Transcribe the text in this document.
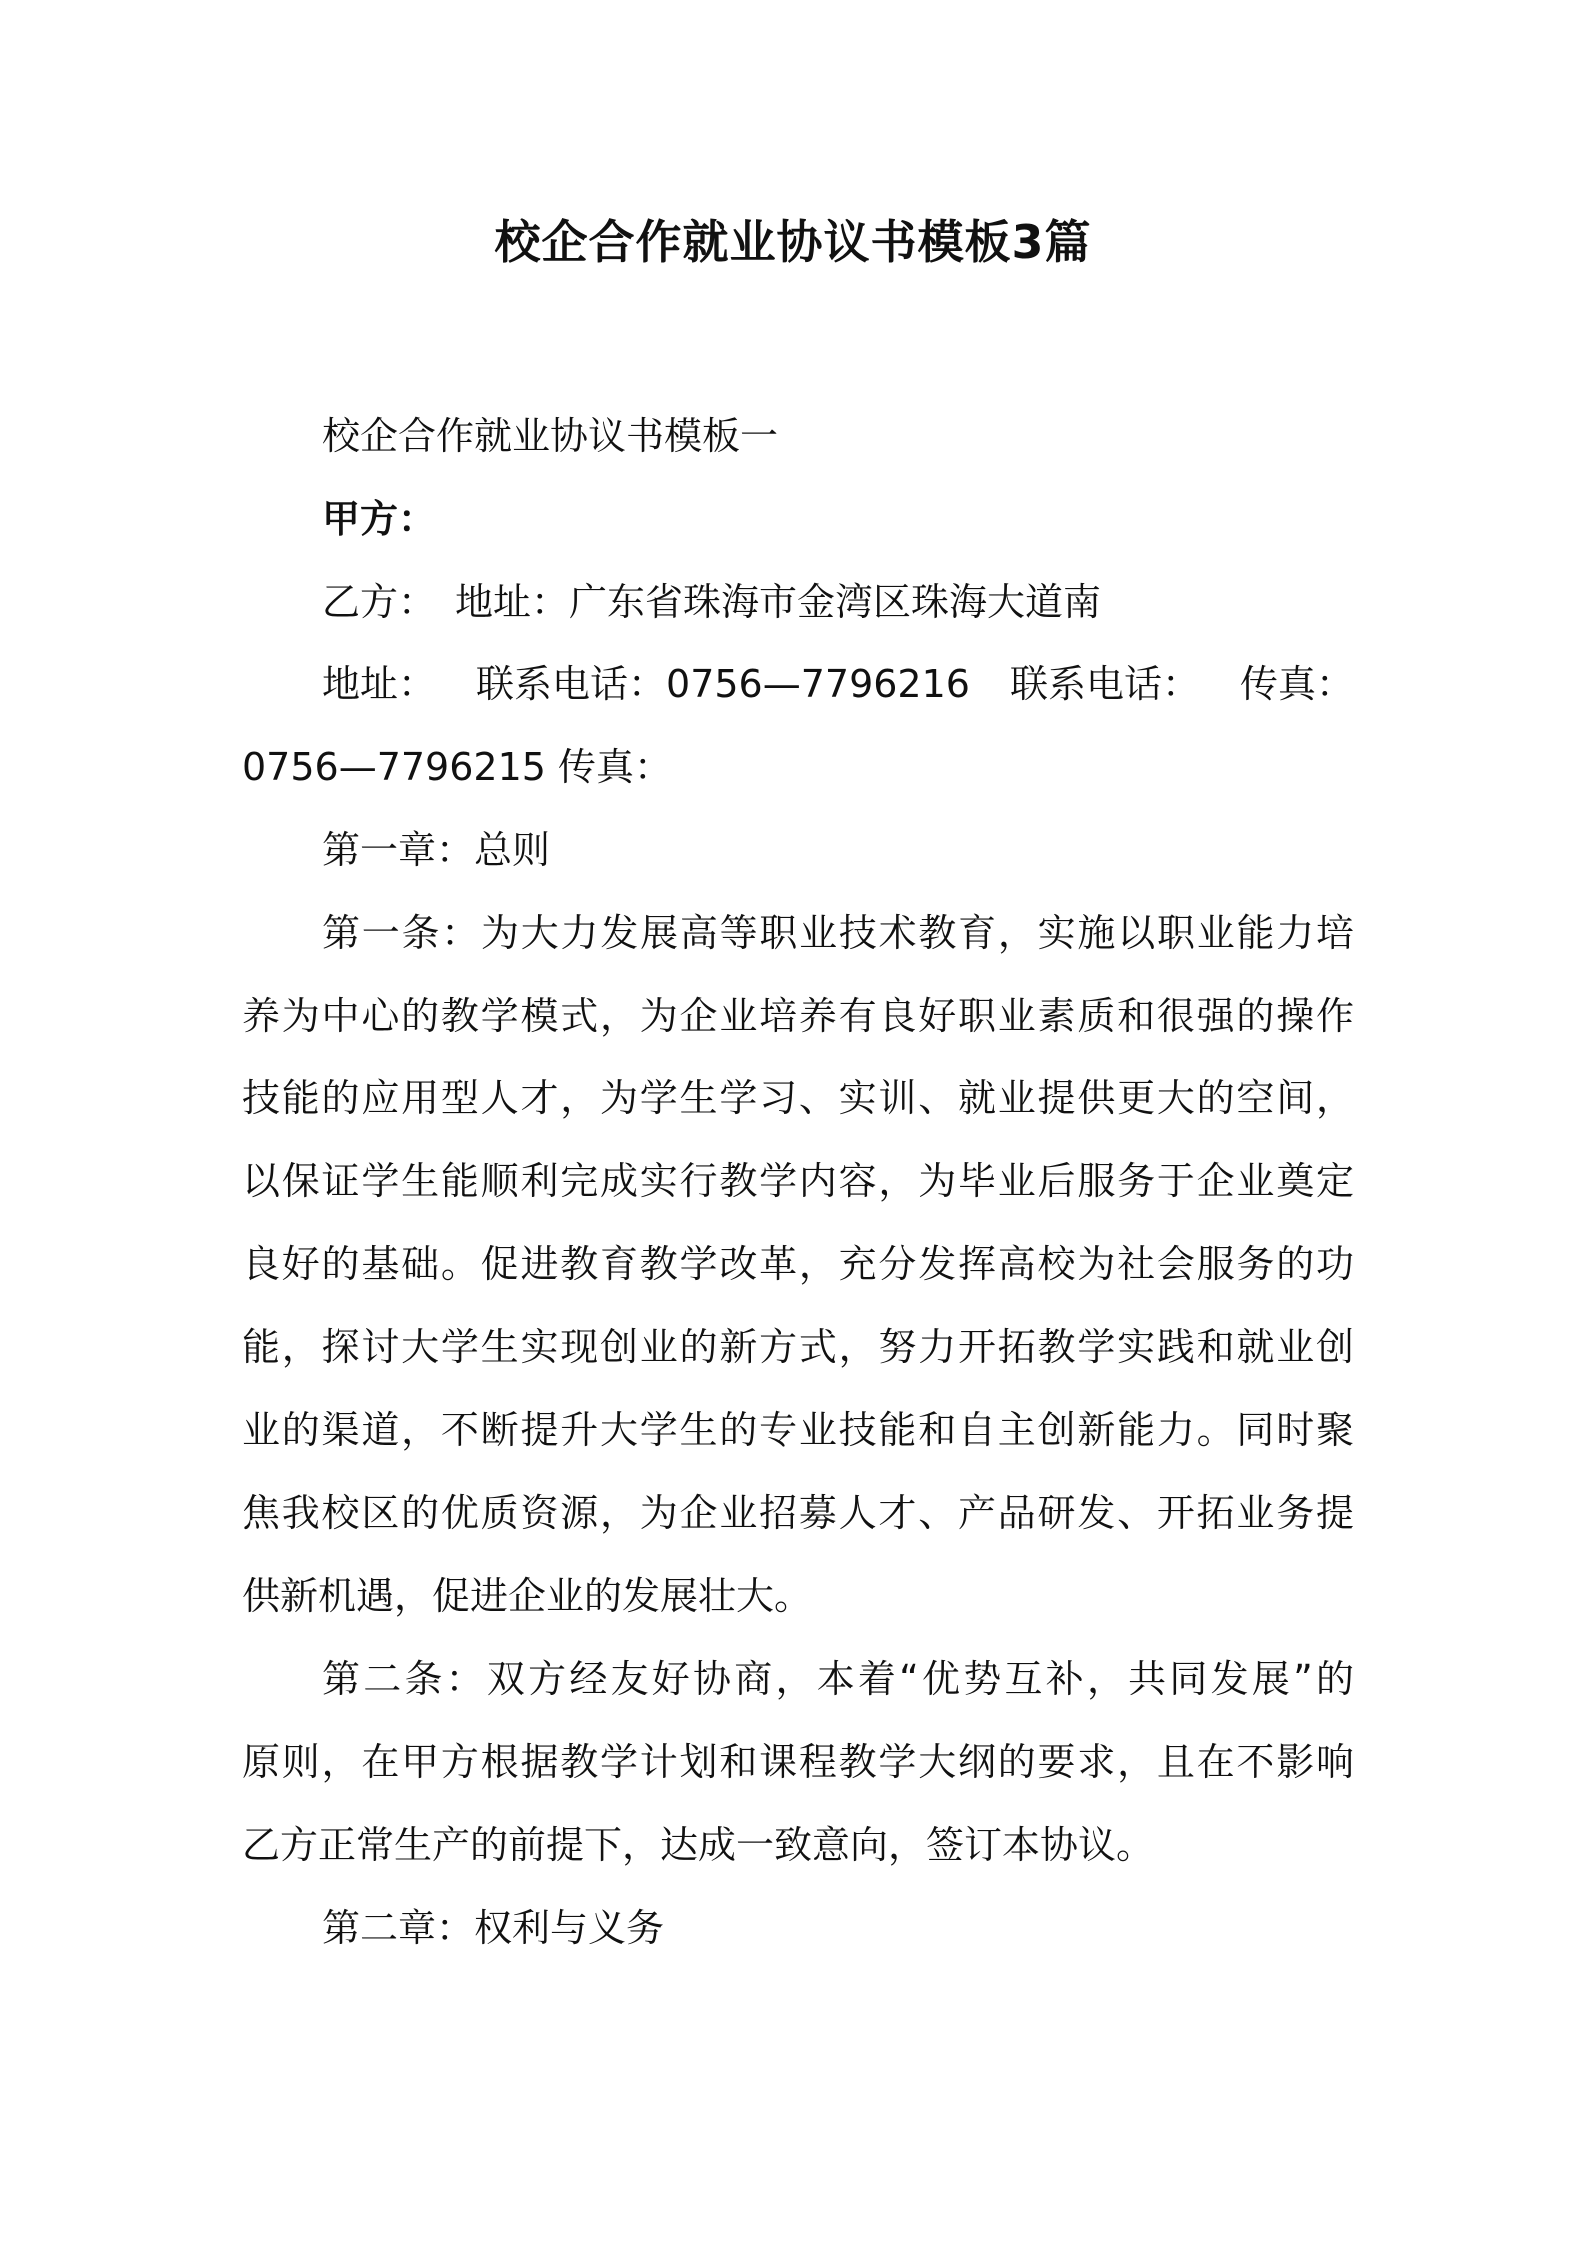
校企合作就业协议书模板3篇
校企合作就业协议书模板一
甲方：
乙方：　地址：广东省珠海市金湾区珠海大道南
地址： 联系电话：0756—7796216 联系电话： 传真：
0756—7796215 传真：
第一章：总则
第一条：为大力发展高等职业技术教育，实施以职业能力培
养为中心的教学模式，为企业培养有良好职业素质和很强的操作
技能的应用型人才，为学生学习、实训、就业提供更大的空间，
以保证学生能顺利完成实行教学内容，为毕业后服务于企业奠定
良好的基础。促进教育教学改革，充分发挥高校为社会服务的功
能，探讨大学生实现创业的新方式，努力开拓教学实践和就业创
业的渠道，不断提升大学生的专业技能和自主创新能力。同时聚
焦我校区的优质资源，为企业招募人才、产品研发、开拓业务提
供新机遇，促进企业的发展壮大。
第二条：双方经友好协商，本着“优势互补，共同发展”的
原则，在甲方根据教学计划和课程教学大纲的要求，且在不影响
乙方正常生产的前提下，达成一致意向，签订本协议。
第二章：权利与义务
